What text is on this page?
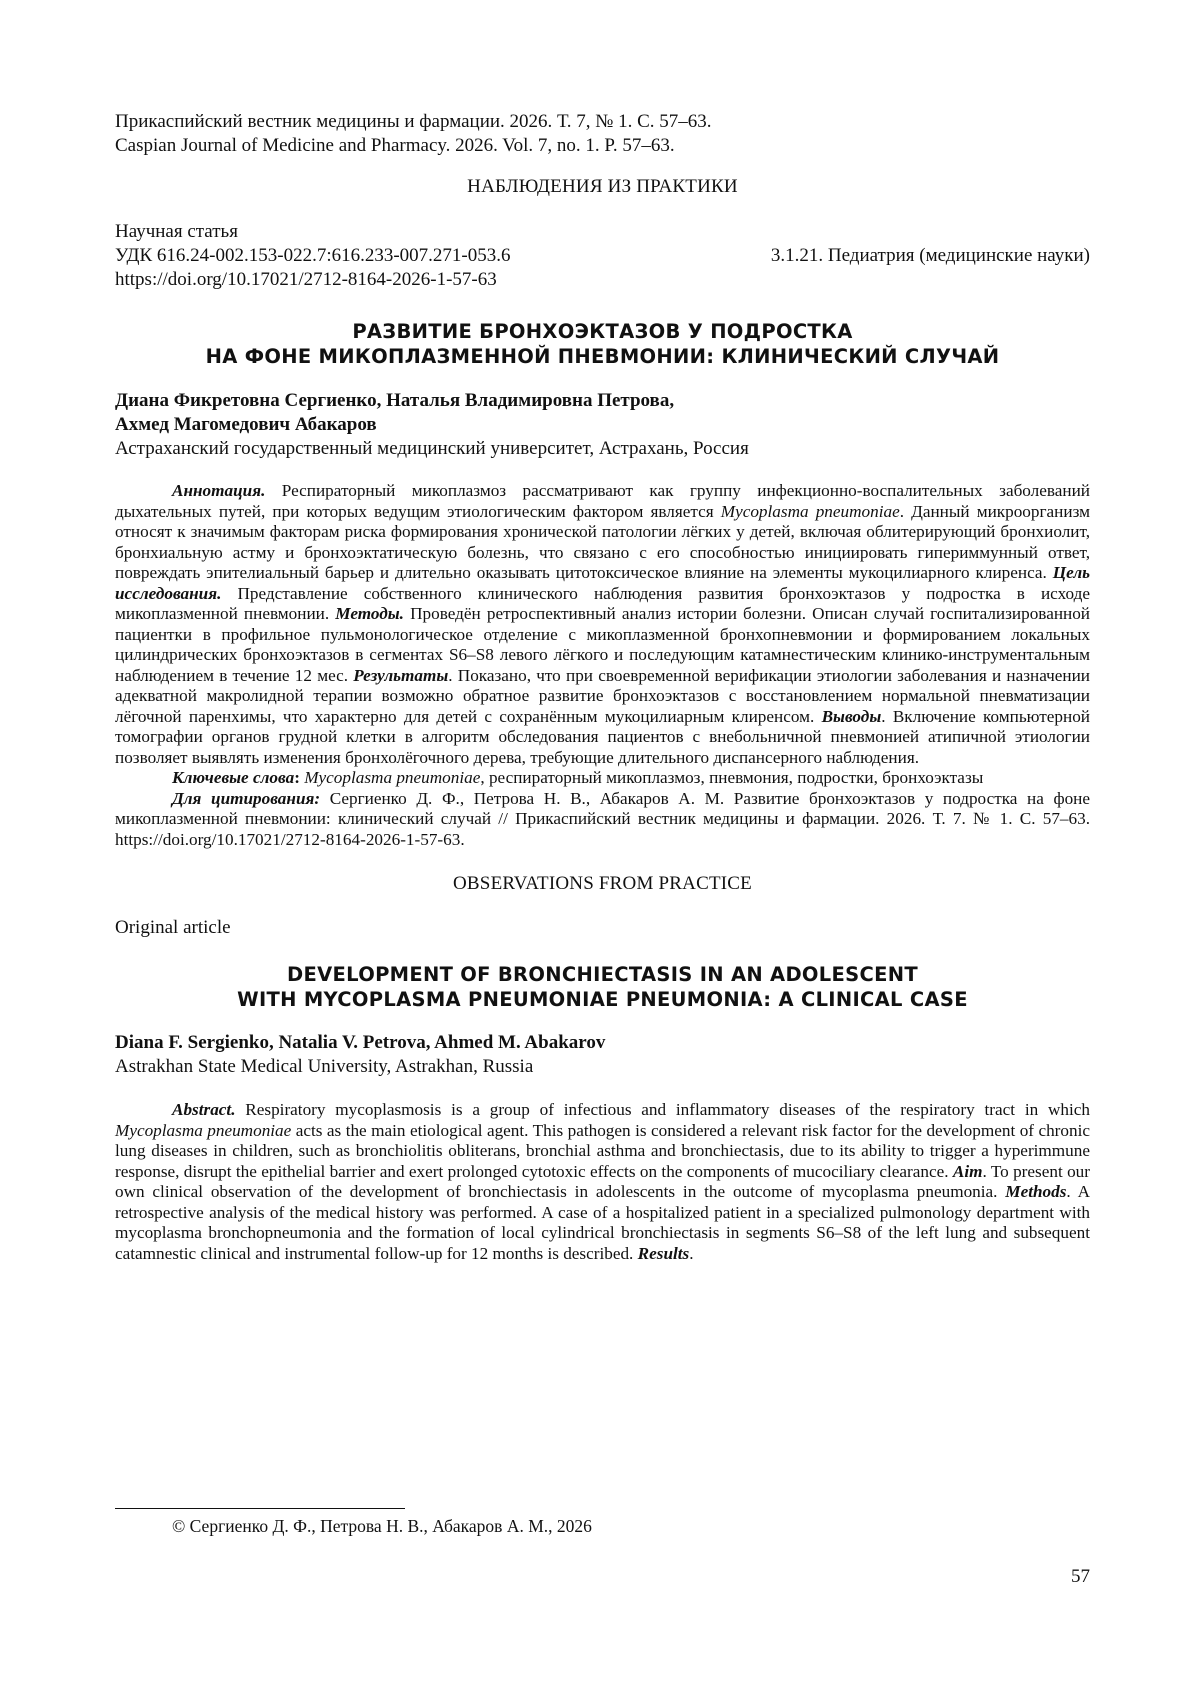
Прикаспийский вестник медицины и фармации. 2026. Т. 7, № 1. С. 57–63.
Caspian Journal of Medicine and Pharmacy. 2026. Vol. 7, no. 1. P. 57–63.
НАБЛЮДЕНИЯ ИЗ ПРАКТИКИ
Научная статья
УДК 616.24-002.153-022.7:616.233-007.271-053.6	3.1.21. Педиатрия (медицинские науки)
https://doi.org/10.17021/2712-8164-2026-1-57-63
РАЗВИТИЕ БРОНХОЭКТАЗОВ У ПОДРОСТКА
НА ФОНЕ МИКОПЛАЗМЕННОЙ ПНЕВМОНИИ: КЛИНИЧЕСКИЙ СЛУЧАЙ
Диана Фикретовна Сергиенко, Наталья Владимировна Петрова,
Ахмед Магомедович Абакаров
Астраханский государственный медицинский университет, Астрахань, Россия

Аннотация. Респираторный микоплазмоз рассматривают как группу инфекционно-воспалительных заболеваний дыхательных путей, при которых ведущим этиологическим фактором является Mycoplasma pneumoniae. Данный микроорганизм относят к значимым факторам риска формирования хронической патологии лёгких у детей, включая облитерирующий бронхиолит, бронхиальную астму и бронхоэктатическую болезнь, что связано с его способностью инициировать гипериммунный ответ, повреждать эпителиальный барьер и длительно оказывать цитотоксическое влияние на элементы мукоцилиарного клиренса. Цель исследования. Представление собственного клинического наблюдения развития бронхоэктазов у подростка в исходе микоплазменной пневмонии. Методы. Проведён ретроспективный анализ истории болезни. Описан случай госпитализированной пациентки в профильное пульмонологическое отделение с микоплазменной бронхопневмонии и формированием локальных цилиндрических бронхоэктазов в сегментах S6–S8 левого лёгкого и последующим катамнестическим клинико-инструментальным наблюдением в течение 12 мес. Результаты. Показано, что при своевременной верификации этиологии заболевания и назначении адекватной макролидной терапии возможно обратное развитие бронхоэктазов с восстановлением нормальной пневматизации лёгочной паренхимы, что характерно для детей с сохранённым мукоцилиарным клиренсом. Выводы. Включение компьютерной томографии органов грудной клетки в алгоритм обследования пациентов с внебольничной пневмонией атипичной этиологии позволяет выявлять изменения бронхолёгочного дерева, требующие длительного диспансерного наблюдения.

Ключевые слова: Mycoplasma pneumoniae, респираторный микоплазмоз, пневмония, подростки, бронхоэктазы

Для цитирования: Сергиенко Д. Ф., Петрова Н. В., Абакаров А. М. Развитие бронхоэктазов у подростка на фоне микоплазменной пневмонии: клинический случай // Прикаспийский вестник медицины и фармации. 2026. Т. 7. № 1. С. 57–63. https://doi.org/10.17021/2712-8164-2026-1-57-63.

OBSERVATIONS FROM PRACTICE
Original article
DEVELOPMENT OF BRONCHIECTASIS IN AN ADOLESCENT
WITH MYCOPLASMA PNEUMONIAE PNEUMONIA: A CLINICAL CASE
Diana F. Sergienko, Natalia V. Petrova, Ahmed M. Abakarov
Astrakhan State Medical University, Astrakhan, Russia

Abstract. Respiratory mycoplasmosis is a group of infectious and inflammatory diseases of the respiratory tract in which Mycoplasma pneumoniae acts as the main etiological agent. This pathogen is considered a relevant risk factor for the development of chronic lung diseases in children, such as bronchiolitis obliterans, bronchial asthma and bronchiectasis, due to its ability to trigger a hyperimmune response, disrupt the epithelial barrier and exert prolonged cytotoxic effects on the components of mucociliary clearance. Aim. To present our own clinical observation of the development of bronchiectasis in adolescents in the outcome of mycoplasma pneumonia. Methods. A retrospective analysis of the medical history was performed. A case of a hospitalized patient in a specialized pulmonology department with mycoplasma bronchopneumonia and the formation of local cylindrical bronchiectasis in segments S6–S8 of the left lung and subsequent catamnestic clinical and instrumental follow-up for 12 months is described. Results.

© Сергиенко Д. Ф., Петрова Н. В., Абакаров А. М., 2026
57
